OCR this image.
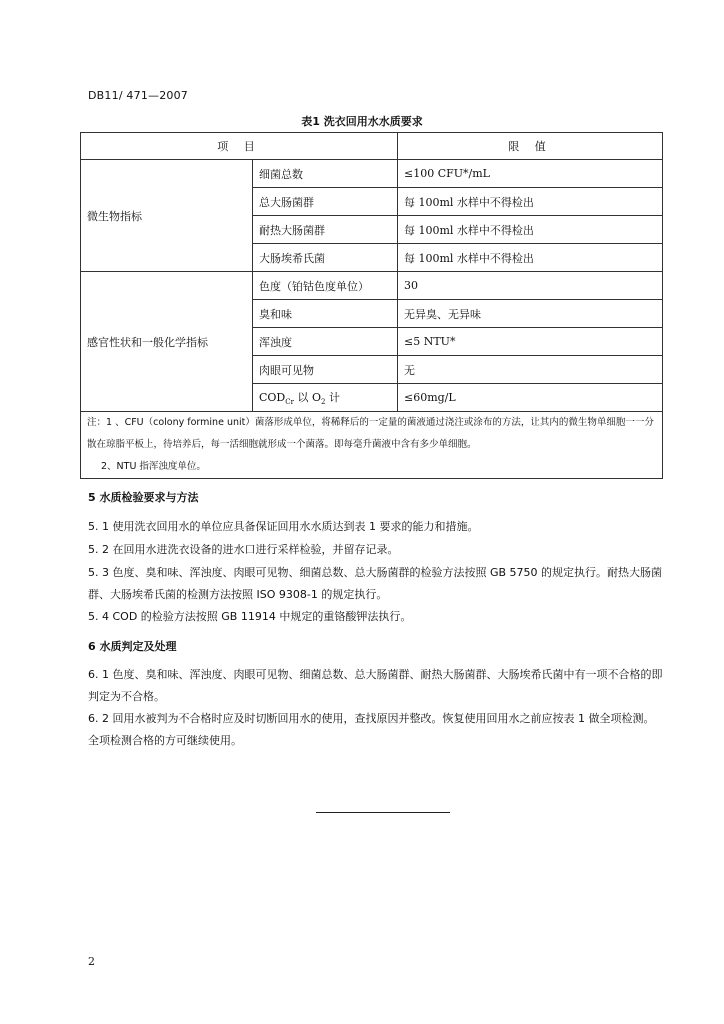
DB11/ 471—2007
表1 洗衣回用水水质要求
项 目		限 值
微生物指标	细菌总数	≤100 CFU*/mL
	总大肠菌群	每 100ml 水样中不得检出
	耐热大肠菌群	每 100ml 水样中不得检出
	大肠埃希氏菌	每 100ml 水样中不得检出
感官性状和一般化学指标	色度（铂钴色度单位）	30
	臭和味	无异臭、无异味
	浑浊度	≤5 NTU*
	肉眼可见物	无
	$COD_{Cr}$ 以 $O_2$ 计	≤60mg/L

注：1 、CFU（colony formine unit）菌落形成单位，将稀释后的一定量的菌液通过浇注或涂布的方法，让其内的微生物单细胞一一分散在琼脂平板上，待培养后，每一活细胞就形成一个菌落。即每毫升菌液中含有多少单细胞。
2、NTU 指浑浊度单位。		
5 水质检验要求与方法
5. 1 使用洗衣回用水的单位应具备保证回用水水质达到表 1 要求的能力和措施。
5. 2 在回用水进洗衣设备的进水口进行采样检验，并留存记录。
5. 3 色度、臭和味、浑浊度、肉眼可见物、细菌总数、总大肠菌群的检验方法按照 GB 5750 的规定执行。耐热大肠菌群、大肠埃希氏菌的检测方法按照 ISO 9308-1 的规定执行。
5. 4 COD 的检验方法按照 GB 11914 中规定的重铬酸钾法执行。
6 水质判定及处理
6. 1 色度、臭和味、浑浊度、肉眼可见物、细菌总数、总大肠菌群、耐热大肠菌群、大肠埃希氏菌中有一项不合格的即判定为不合格。
6. 2 回用水被判为不合格时应及时切断回用水的使用，查找原因并整改。恢复使用回用水之前应按表 1 做全项检测。全项检测合格的方可继续使用。
2
